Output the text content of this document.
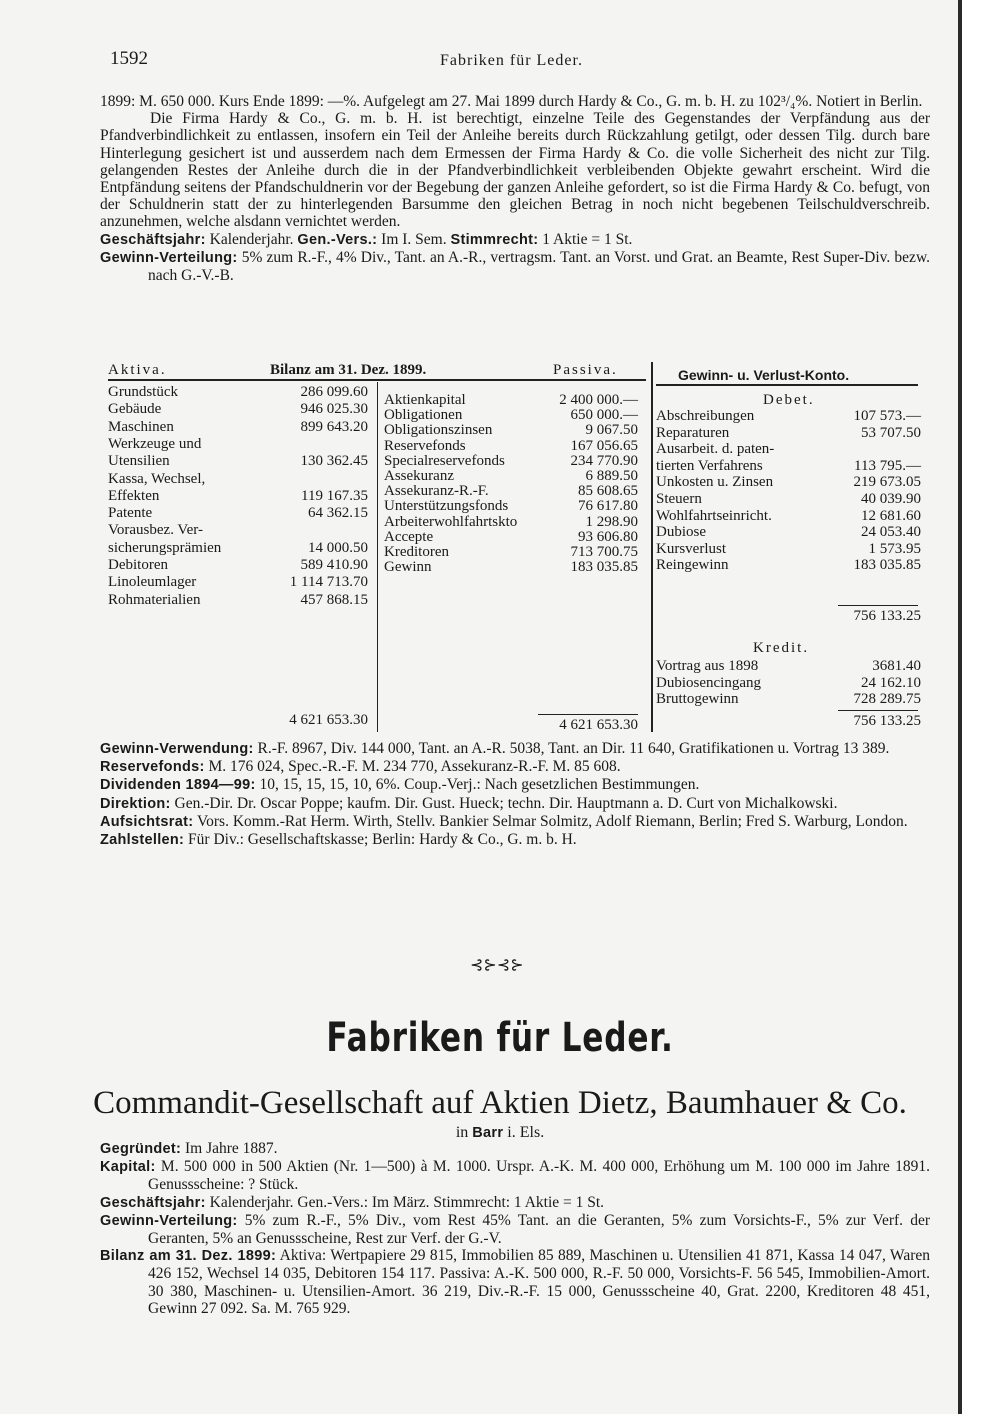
1592	Fabriken für Leder.

1899: M. 650 000. Kurs Ende 1899: —%. Aufgelegt am 27. Mai 1899 durch Hardy & Co., G. m. b. H. zu 102³/₄%. Notiert in Berlin.

Die Firma Hardy & Co., G. m. b. H. ist berechtigt, einzelne Teile des Gegenstandes der Verpfändung aus der Pfandverbindlichkeit zu entlassen, insofern ein Teil der Anleihe bereits durch Rückzahlung getilgt, oder dessen Tilg. durch bare Hinterlegung gesichert ist und ausserdem nach dem Ermessen der Firma Hardy & Co. die volle Sicherheit des nicht zur Tilg. gelangenden Restes der Anleihe durch die in der Pfandverbindlichkeit verbleibenden Objekte gewahrt erscheint. Wird die Entpfändung seitens der Pfandschuldnerin vor der Begebung der ganzen Anleihe gefordert, so ist die Firma Hardy & Co. befugt, von der Schuldnerin statt der zu hinterlegenden Barsumme den gleichen Betrag in noch nicht begebenen Teilschuldverschreib. anzunehmen, welche alsdann vernichtet werden.

Geschäftsjahr: Kalenderjahr. Gen.-Vers.: Im I. Sem. Stimmrecht: 1 Aktie = 1 St.

Gewinn-Verteilung: 5% zum R.-F., 4% Div., Tant. an A.-R., vertragsm. Tant. an Vorst. und Grat. an Beamte, Rest Super-Div. bezw. nach G.-V.-B.

Aktiva.	Bilanz am 31. Dez. 1899.	Passiva.	Gewinn- u. Verlust-Konto.
Grundstück	286 099.60
Gebäude	946 025.30
Maschinen	899 643.20
Werkzeuge und
Utensilien	130 362.45
Kassa, Wechsel,
Effekten	119 167.35
Patente	64 362.15
Vorausbez. Ver-
sicherungsprämien	14 000.50
Debitoren	589 410.90
Linoleumlager	1 114 713.70
Rohmaterialien	457 868.15
Aktienkapital	2 400 000.—
Obligationen	650 000.—
Obligationszinsen	9 067.50
Reservefonds	167 056.65
Specialreservefonds	234 770.90
Assekuranz	6 889.50
Assekuranz-R.-F.	85 608.65
Unterstützungsfonds	76 617.80
Arbeiterwohlfahrtskto	1 298.90
Accepte	93 606.80
Kreditoren	713 700.75
Gewinn	183 035.85
Debet.
Abschreibungen	107 573.—
Reparaturen	53 707.50
Ausarbeit. d. paten-
tierten Verfahrens	113 795.—
Unkosten u. Zinsen	219 673.05
Steuern	40 039.90
Wohlfahrtseinricht.	12 681.60
Dubiose	24 053.40
Kursverlust	1 573.95
Reingewinn	183 035.85
756 133.25
Kredit.
Vortrag aus 1898	3681.40
Dubiosencingang	24 162.10
Bruttogewinn	728 289.75
756 133.25
4 621 653.30	4 621 653.30

Gewinn-Verwendung: R.-F. 8967, Div. 144 000, Tant. an A.-R. 5038, Tant. an Dir. 11 640, Gratifikationen u. Vortrag 13 389.

Reservefonds: M. 176 024, Spec.-R.-F. M. 234 770, Assekuranz-R.-F. M. 85 608.

Dividenden 1894—99: 10, 15, 15, 15, 10, 6%. Coup.-Verj.: Nach gesetzlichen Bestimmungen.

Direktion: Gen.-Dir. Dr. Oscar Poppe; kaufm. Dir. Gust. Hueck; techn. Dir. Hauptmann a. D. Curt von Michalkowski.

Aufsichtsrat: Vors. Komm.-Rat Herm. Wirth, Stellv. Bankier Selmar Solmitz, Adolf Riemann, Berlin; Fred S. Warburg, London.

Zahlstellen: Für Div.: Gesellschaftskasse; Berlin: Hardy & Co., G. m. b. H.

⊰⊱⊰⊱
Fabriken für Leder.
Commandit-Gesellschaft auf Aktien Dietz, Baumhauer & Co.
in Barr i. Els.

Gegründet: Im Jahre 1887.

Kapital: M. 500 000 in 500 Aktien (Nr. 1—500) à M. 1000. Urspr. A.-K. M. 400 000, Erhöhung um M. 100 000 im Jahre 1891. Genussscheine: ? Stück.

Geschäftsjahr: Kalenderjahr. Gen.-Vers.: Im März. Stimmrecht: 1 Aktie = 1 St.

Gewinn-Verteilung: 5% zum R.-F., 5% Div., vom Rest 45% Tant. an die Geranten, 5% zum Vorsichts-F., 5% zur Verf. der Geranten, 5% an Genussscheine, Rest zur Verf. der G.-V.

Bilanz am 31. Dez. 1899: Aktiva: Wertpapiere 29 815, Immobilien 85 889, Maschinen u. Utensilien 41 871, Kassa 14 047, Waren 426 152, Wechsel 14 035, Debitoren 154 117. Passiva: A.-K. 500 000, R.-F. 50 000, Vorsichts-F. 56 545, Immobilien-Amort. 30 380, Maschinen- u. Utensilien-Amort. 36 219, Div.-R.-F. 15 000, Genussscheine 40, Grat. 2200, Kreditoren 48 451, Gewinn 27 092. Sa. M. 765 929.
